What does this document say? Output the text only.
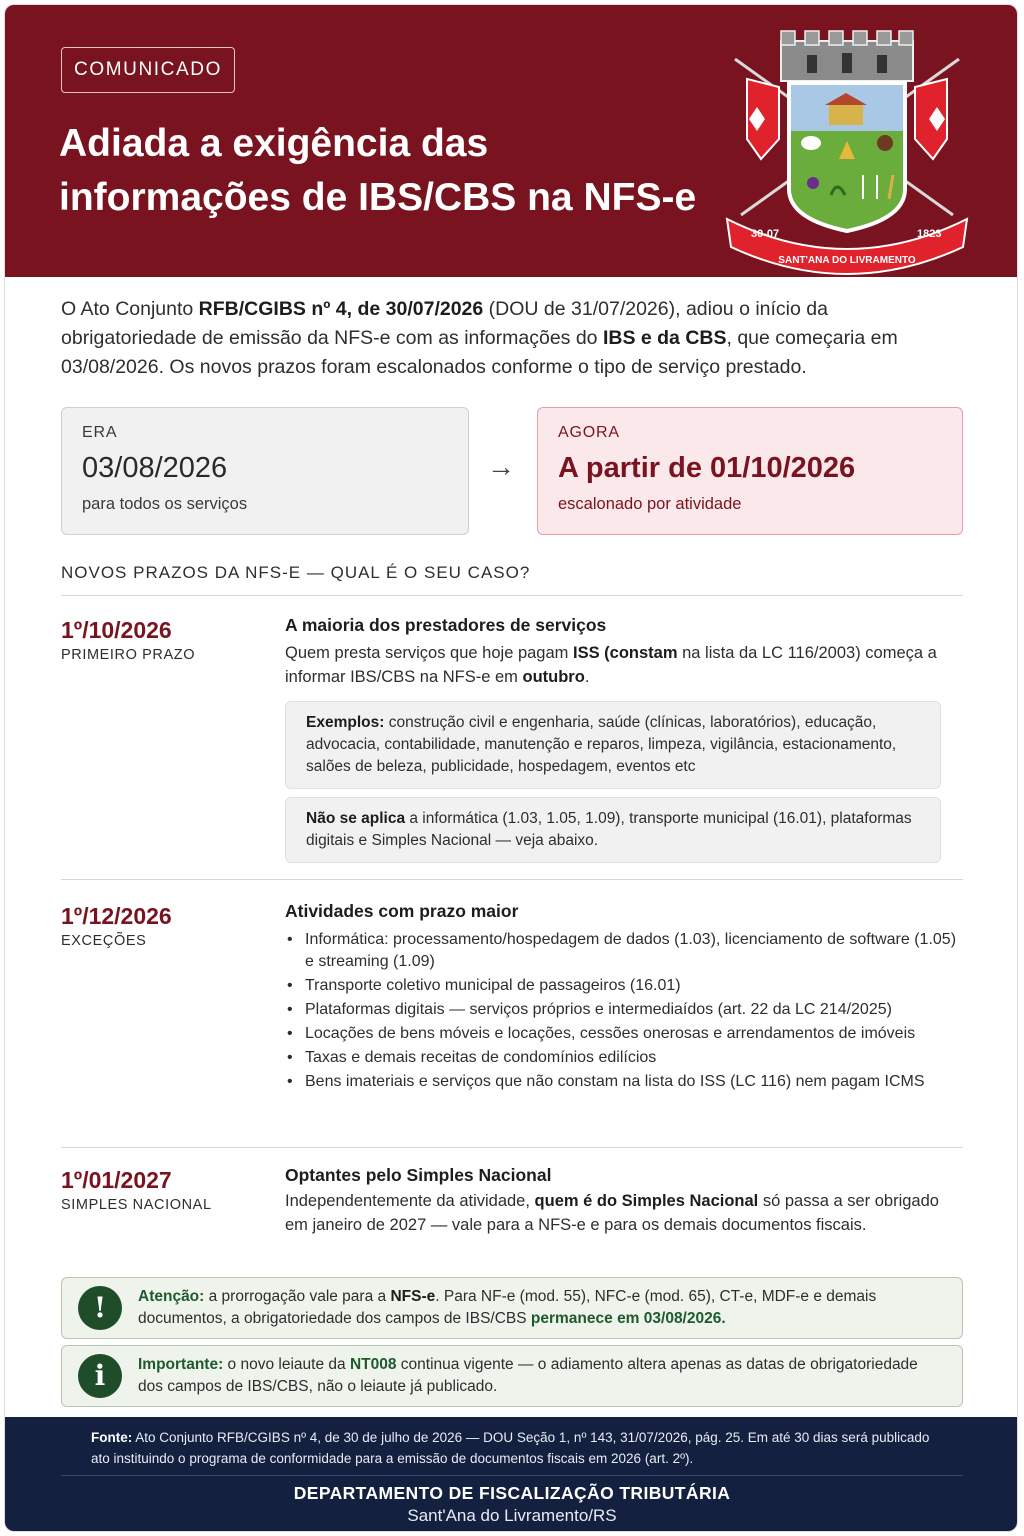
COMUNICADO
Adiada a exigência das
informações de IBS/CBS na NFS-e
30-07	1823
SANT'ANA DO LIVRAMENTO

O Ato Conjunto RFB/CGIBS nº 4, de 30/07/2026 (DOU de 31/07/2026), adiou o início da obrigatoriedade de emissão da NFS-e com as informações do IBS e da CBS, que começaria em 03/08/2026. Os novos prazos foram escalonados conforme o tipo de serviço prestado.

ERA
03/08/2026
para todos os serviços
→
AGORA
A partir de 01/10/2026
escalonado por atividade
NOVOS PRAZOS DA NFS-E — QUAL É O SEU CASO?
1º/10/2026
PRIMEIRO PRAZO
A maioria dos prestadores de serviços

Quem presta serviços que hoje pagam ISS (constam na lista da LC 116/2003) começa a informar IBS/CBS na NFS-e em outubro.

Exemplos: construção civil e engenharia, saúde (clínicas, laboratórios), educação, advocacia, contabilidade, manutenção e reparos, limpeza, vigilância, estacionamento, salões de beleza, publicidade, hospedagem, eventos etc
Não se aplica a informática (1.03, 1.05, 1.09), transporte municipal (16.01), plataformas digitais e Simples Nacional — veja abaixo.
1º/12/2026
EXCEÇÕES
Atividades com prazo maior
• Informática: processamento/hospedagem de dados (1.03), licenciamento de software (1.05) e streaming (1.09)
• Transporte coletivo municipal de passageiros (16.01)
• Plataformas digitais — serviços próprios e intermediaídos (art. 22 da LC 214/2025)
• Locações de bens móveis e locações, cessões onerosas e arrendamentos de imóveis
• Taxas e demais receitas de condomínios edilícios
• Bens imateriais e serviços que não constam na lista do ISS (LC 116) nem pagam ICMS
1º/01/2027
SIMPLES NACIONAL
Optantes pelo Simples Nacional

Independentemente da atividade, quem é do Simples Nacional só passa a ser obrigado em janeiro de 2027 — vale para a NFS-e e para os demais documentos fiscais.

!	Atenção: a prorrogação vale para a NFS-e. Para NF-e (mod. 55), NFC-e (mod. 65), CT-e, MDF-e e demais documentos, a obrigatoriedade dos campos de IBS/CBS permanece em 03/08/2026.
i	Importante: o novo leiaute da NT008 continua vigente — o adiamento altera apenas as datas de obrigatoriedade dos campos de IBS/CBS, não o leiaute já publicado.

Fonte: Ato Conjunto RFB/CGIBS nº 4, de 30 de julho de 2026 — DOU Seção 1, nº 143, 31/07/2026, pág. 25. Em até 30 dias será publicado ato instituindo o programa de conformidade para a emissão de documentos fiscais em 2026 (art. 2º).

DEPARTAMENTO DE FISCALIZAÇÃO TRIBUTÁRIA
Sant'Ana do Livramento/RS
